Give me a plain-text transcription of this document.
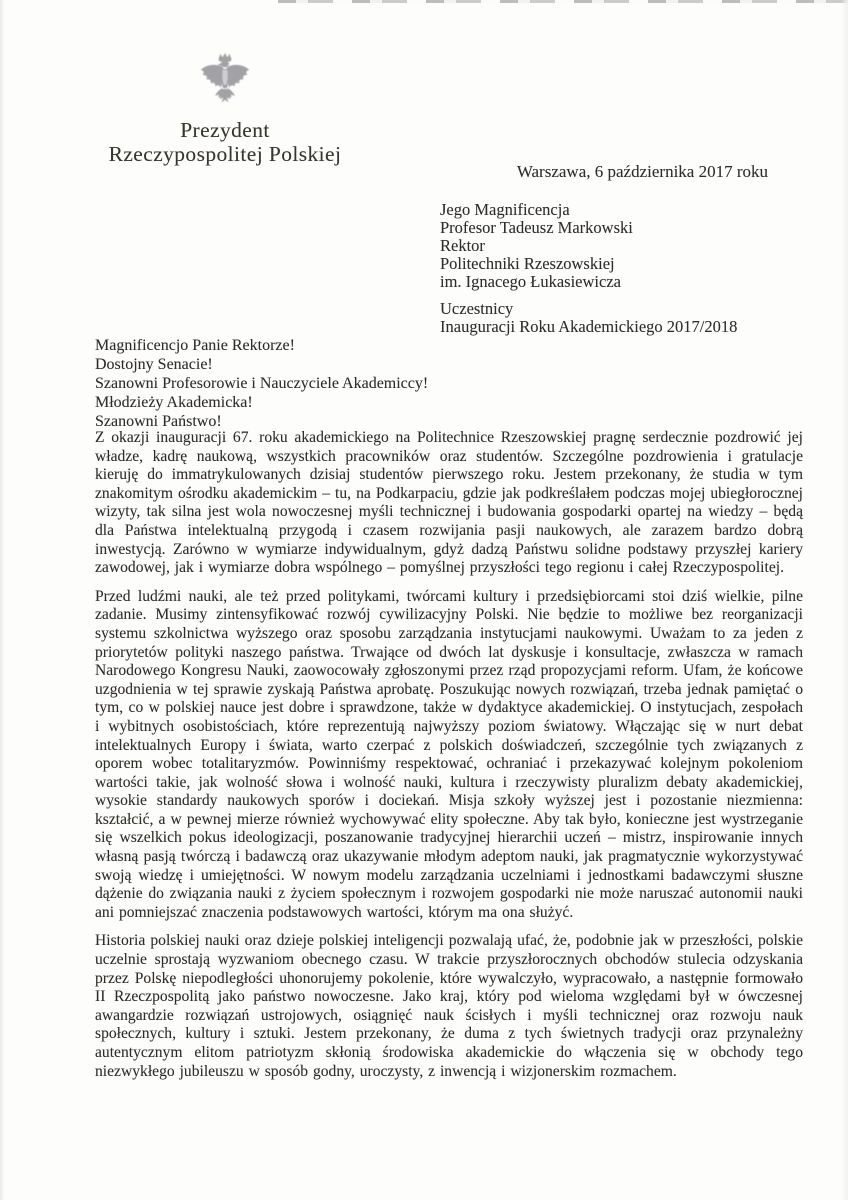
Prezydent
Rzeczypospolitej Polskiej
Warszawa, 6 października 2017 roku
Jego Magnificencja
Profesor Tadeusz Markowski
Rektor
Politechniki Rzeszowskiej
im. Ignacego Łukasiewicza
Uczestnicy
Inauguracji Roku Akademickiego 2017/2018
Magnificencjo Panie Rektorze!
Dostojny Senacie!
Szanowni Profesorowie i Nauczyciele Akademiccy!
Młodzieży Akademicka!
Szanowni Państwo!

Z okazji inauguracji 67. roku akademickiego na Politechnice Rzeszowskiej pragnę serdecznie pozdrowić jej władze, kadrę naukową, wszystkich pracowników oraz studentów. Szczególne pozdrowienia i gratulacje kieruję do immatrykulowanych dzisiaj studentów pierwszego roku. Jestem przekonany, że studia w tym znakomitym ośrodku akademickim – tu, na Podkarpaciu, gdzie jak podkreślałem podczas mojej ubiegłorocznej wizyty, tak silna jest wola nowoczesnej myśli technicznej i budowania gospodarki opartej na wiedzy – będą dla Państwa intelektualną przygodą i czasem rozwijania pasji naukowych, ale zarazem bardzo dobrą inwestycją. Zarówno w wymiarze indywidualnym, gdyż dadzą Państwu solidne podstawy przyszłej kariery zawodowej, jak i wymiarze dobra wspólnego – pomyślnej przyszłości tego regionu i całej Rzeczypospolitej.

Przed ludźmi nauki, ale też przed politykami, twórcami kultury i przedsiębiorcami stoi dziś wielkie, pilne zadanie. Musimy zintensyfikować rozwój cywilizacyjny Polski. Nie będzie to możliwe bez reorganizacji systemu szkolnictwa wyższego oraz sposobu zarządzania instytucjami naukowymi. Uważam to za jeden z priorytetów polityki naszego państwa. Trwające od dwóch lat dyskusje i konsultacje, zwłaszcza w ramach Narodowego Kongresu Nauki, zaowocowały zgłoszonymi przez rząd propozycjami reform. Ufam, że końcowe uzgodnienia w tej sprawie zyskają Państwa aprobatę. Poszukując nowych rozwiązań, trzeba jednak pamiętać o tym, co w polskiej nauce jest dobre i sprawdzone, także w dydaktyce akademickiej. O instytucjach, zespołach i wybitnych osobistościach, które reprezentują najwyższy poziom światowy. Włączając się w nurt debat intelektualnych Europy i świata, warto czerpać z polskich doświadczeń, szczególnie tych związanych z oporem wobec totalitaryzmów. Powinniśmy respektować, ochraniać i przekazywać kolejnym pokoleniom wartości takie, jak wolność słowa i wolność nauki, kultura i rzeczywisty pluralizm debaty akademickiej, wysokie standardy naukowych sporów i dociekań. Misja szkoły wyższej jest i pozostanie niezmienna: kształcić, a w pewnej mierze również wychowywać elity społeczne. Aby tak było, konieczne jest wystrzeganie się wszelkich pokus ideologizacji, poszanowanie tradycyjnej hierarchii uczeń – mistrz, inspirowanie innych własną pasją twórczą i badawczą oraz ukazywanie młodym adeptom nauki, jak pragmatycznie wykorzystywać swoją wiedzę i umiejętności. W nowym modelu zarządzania uczelniami i jednostkami badawczymi słuszne dążenie do związania nauki z życiem społecznym i rozwojem gospodarki nie może naruszać autonomii nauki ani pomniejszać znaczenia podstawowych wartości, którym ma ona służyć.

Historia polskiej nauki oraz dzieje polskiej inteligencji pozwalają ufać, że, podobnie jak w przeszłości, polskie uczelnie sprostają wyzwaniom obecnego czasu. W trakcie przyszłorocznych obchodów stulecia odzyskania przez Polskę niepodległości uhonorujemy pokolenie, które wywalczyło, wypracowało, a następnie formowało II Rzeczpospolitą jako państwo nowoczesne. Jako kraj, który pod wieloma względami był w ówczesnej awangardzie rozwiązań ustrojowych, osiągnięć nauk ścisłych i myśli technicznej oraz rozwoju nauk społecznych, kultury i sztuki. Jestem przekonany, że duma z tych świetnych tradycji oraz przynależny autentycznym elitom patriotyzm skłonią środowiska akademickie do włączenia się w obchody tego niezwykłego jubileuszu w sposób godny, uroczysty, z inwencją i wizjonerskim rozmachem.
